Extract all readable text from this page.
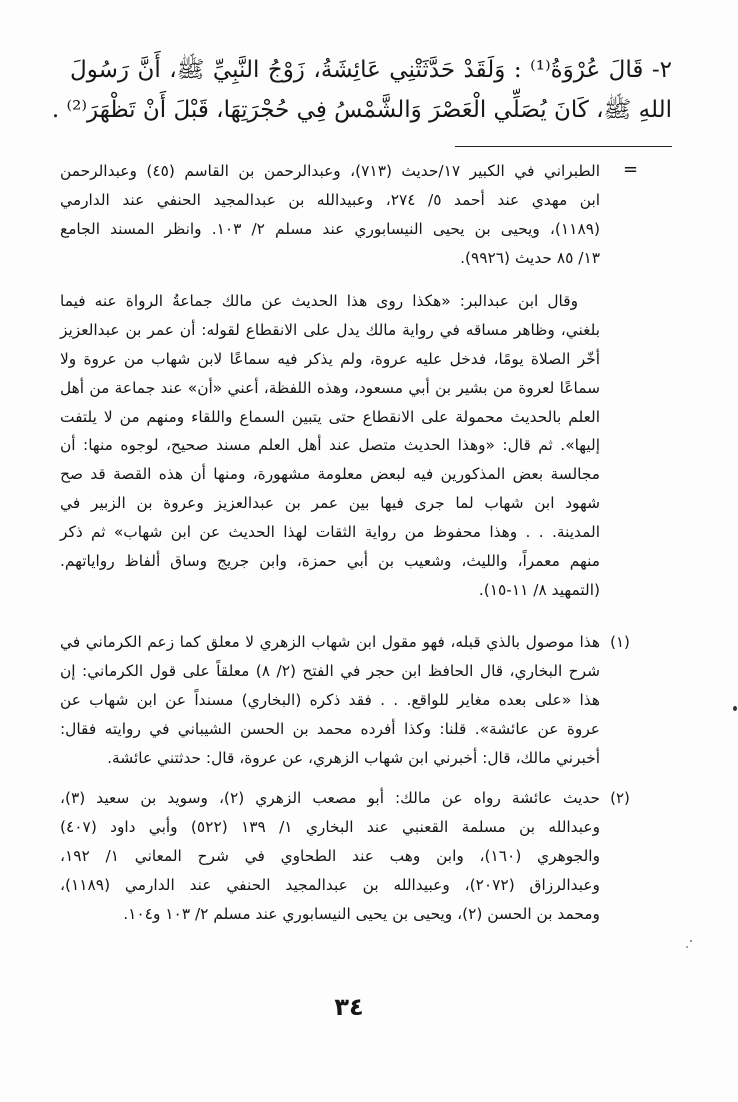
٢- قَالَ عُرْوَةُ⁽¹⁾ : وَلَقَدْ حَدَّثَتْنِي عَائِشَةُ، زَوْجُ النَّبِيِّ ﷺ، أَنَّ رَسُولَ
اللهِ ﷺ، كَانَ يُصَلِّي الْعَصْرَ وَالشَّمْسُ فِي حُجْرَتِهَا، قَبْلَ أَنْ تَظْهَرَ⁽²⁾ .
=
الطبراني في الكبير ١٧/حديث (٧١٣)، وعبدالرحمن بن القاسم (٤٥) وعبدالرحمن
ابن مهدي عند أحمد ٥/ ٢٧٤، وعبيدالله بن عبدالمجيد الحنفي عند الدارمي
(١١٨٩)، ويحيى بن يحيى النيسابوري عند مسلم ٢/ ١٠٣. وانظر المسند الجامع
١٣/ ٨٥ حديث (٩٩٢٦).
وقال ابن عبدالبر: «هكذا روى هذا الحديث عن مالك جماعةُ الرواة عنه فيما
بلغني، وظاهر مساقه في رواية مالك يدل على الانقطاع لقوله: أن عمر بن عبدالعزيز
أخّر الصلاة يومًا، فدخل عليه عروة، ولم يذكر فيه سماعًا لابن شهاب من عروة ولا
سماعًا لعروة من بشير بن أبي مسعود، وهذه اللفظة، أعني «أن» عند جماعة من أهل
العلم بالحديث محمولة على الانقطاع حتى يتبين السماع واللقاء ومنهم من لا يلتفت
إليها». ثم قال: «وهذا الحديث متصل عند أهل العلم مسند صحيح، لوجوه منها: أن
مجالسة بعض المذكورين فيه لبعض معلومة مشهورة، ومنها أن هذه القصة قد صح
شهود ابن شهاب لما جرى فيها بين عمر بن عبدالعزيز وعروة بن الزبير في
المدينة. . . وهذا محفوظ من رواية الثقات لهذا الحديث عن ابن شهاب» ثم ذكر
منهم معمراً، والليث، وشعيب بن أبي حمزة، وابن جريج وساق ألفاظ رواياتهم.
(التمهيد ٨/ ١١-١٥).
(١)
هذا موصول بالذي قبله، فهو مقول ابن شهاب الزهري لا معلق كما زعم الكرماني في
شرح البخاري، قال الحافظ ابن حجر في الفتح (٢/ ٨) معلقاً على قول الكرماني: إن
هذا «على بعده مغاير للواقع. . . فقد ذكره (البخاري) مسنداً عن ابن شهاب عن
عروة عن عائشة». قلنا: وكذا أفرده محمد بن الحسن الشيباني في روايته فقال:
أخبرني مالك، قال: أخبرني ابن شهاب الزهري، عن عروة، قال: حدثتني عائشة.
(٢)
حديث عائشة رواه عن مالك: أبو مصعب الزهري (٢)، وسويد بن سعيد (٣)،
وعبدالله بن مسلمة القعنبي عند البخاري ١/ ١٣٩ (٥٢٢) وأبي داود (٤٠٧)
والجوهري (١٦٠)، وابن وهب عند الطحاوي في شرح المعاني ١/ ١٩٢،
وعبدالرزاق (٢٠٧٢)، وعبيدالله بن عبدالمجيد الحنفي عند الدارمي (١١٨٩)،
ومحمد بن الحسن (٢)، ويحيى بن يحيى النيسابوري عند مسلم ٢/ ١٠٣ و١٠٤.
٣٤
